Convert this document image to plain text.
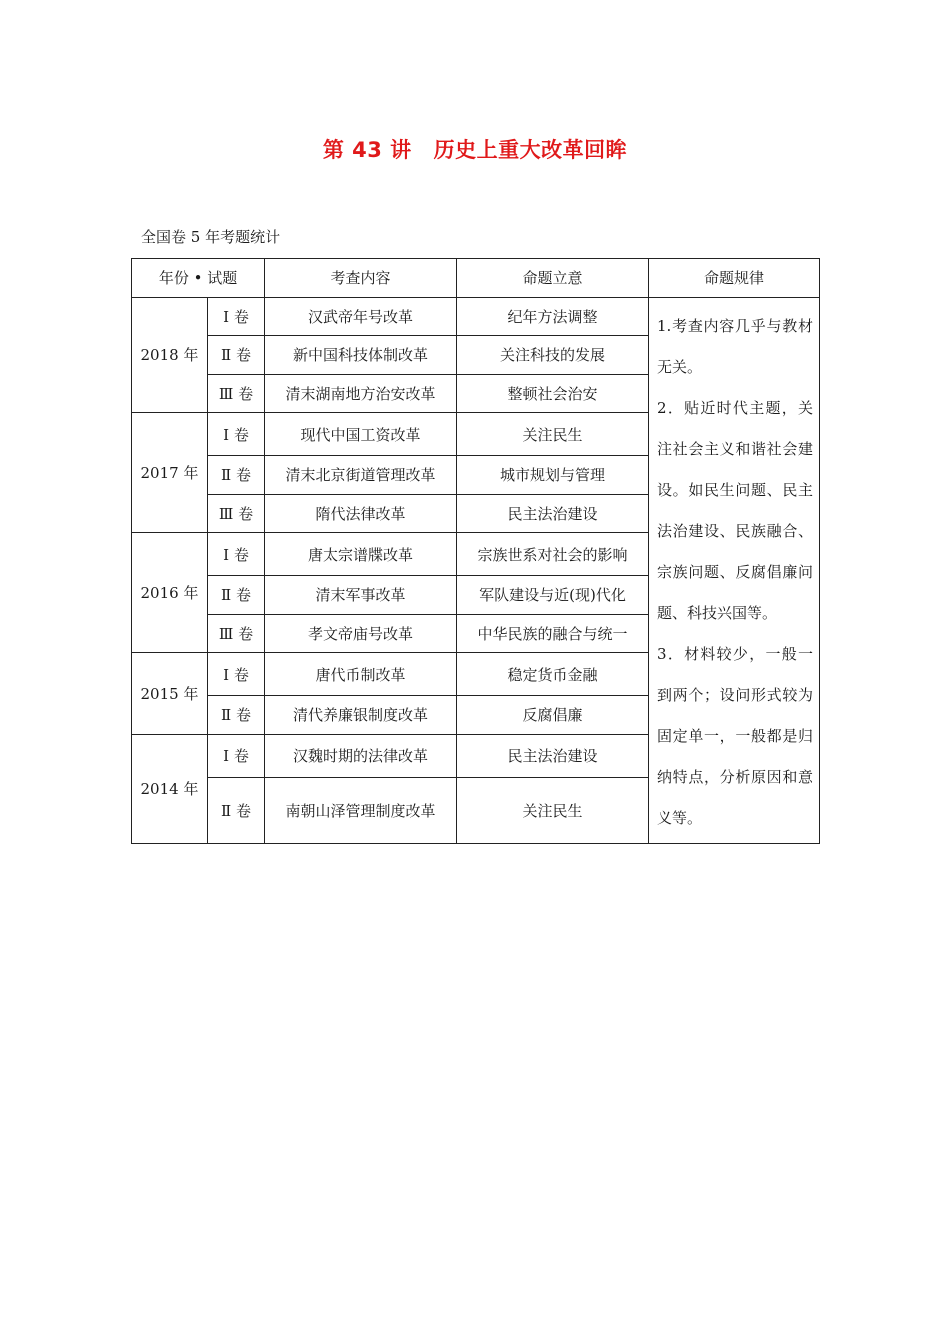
第 43 讲 历史上重大改革回眸
全国卷 5 年考题统计
年份 • 试题		考查内容	命题立意	命题规律
2018 年	Ⅰ 卷	汉武帝年号改革	纪年方法调整	1.考查内容几乎与教材无关。

2．贴近时代主题，关注社会主义和谐社会建设。如民生问题、民主法治建设、民族融合、宗族问题、反腐倡廉问题、科技兴国等。

3．材料较少，一般一到两个；设问形式较为固定单一，一般都是归纳特点，分析原因和意义等。

	Ⅱ 卷	新中国科技体制改革	关注科技的发展	
	Ⅲ 卷	清末湖南地方治安改革	整顿社会治安	
2017 年	Ⅰ 卷	现代中国工资改革	关注民生	
	Ⅱ 卷	清末北京街道管理改革	城市规划与管理	
	Ⅲ 卷	隋代法律改革	民主法治建设	
2016 年	Ⅰ 卷	唐太宗谱牒改革	宗族世系对社会的影响	
	Ⅱ 卷	清末军事改革	军队建设与近(现)代化	
	Ⅲ 卷	孝文帝庙号改革	中华民族的融合与统一	
2015 年	Ⅰ 卷	唐代币制改革	稳定货币金融	
	Ⅱ 卷	清代养廉银制度改革	反腐倡廉	
2014 年	Ⅰ 卷	汉魏时期的法律改革	民主法治建设	
	Ⅱ 卷	南朝山泽管理制度改革	关注民生	
